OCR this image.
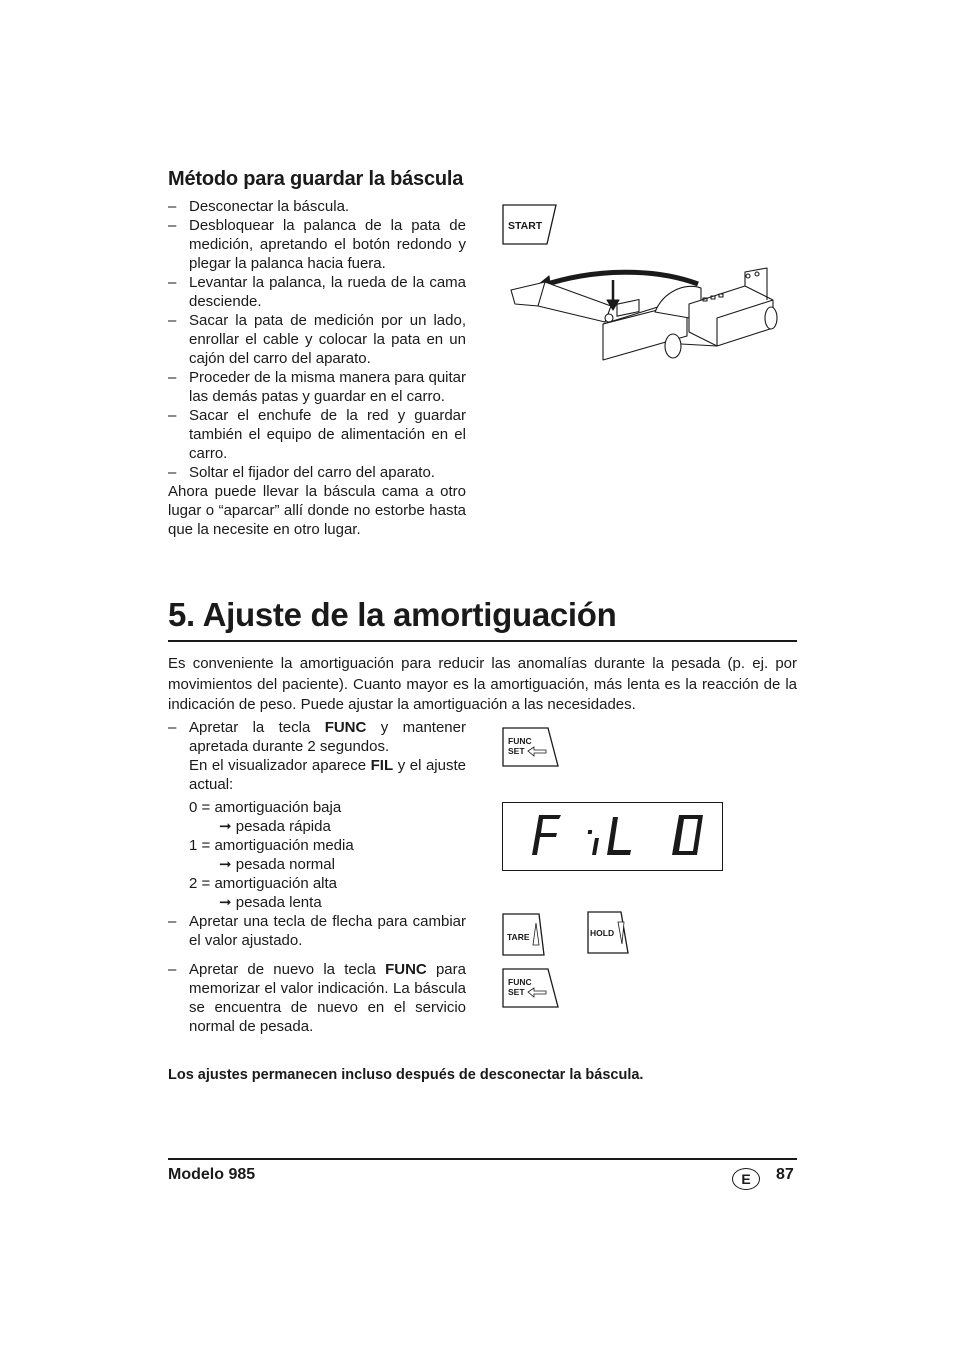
Método para guardar la báscula
– Desconectar la báscula.
– Desbloquear la palanca de la pata de medición, apretando el botón redondo y plegar la palanca hacia fuera.
– Levantar la palanca, la rueda de la cama desciende.
– Sacar la pata de medición por un lado, enrollar el cable y colocar la pata en un cajón del carro del aparato.
– Proceder de la misma manera para quitar las demás patas y guardar en el carro.
– Sacar el enchufe de la red y guardar también el equipo de alimentación en el carro.
– Soltar el fijador del carro del aparato.
Ahora puede llevar la báscula cama a otro lugar o “aparcar” allí donde no estorbe hasta que la necesite en otro lugar.
START
5. Ajuste de la amortiguación
Es conveniente la amortiguación para reducir las anomalías durante la pesada (p. ej. por movimientos del paciente). Cuanto mayor es la amortiguación, más lenta es la reacción de la indicación de peso. Puede ajustar la amortiguación a las necesidades.
– Apretar la tecla FUNC y mantener apretada durante 2 segundos.
En el visualizador aparece FIL y el ajuste actual:
0 = amortiguación baja
➞ pesada rápida
1 = amortiguación media
➞ pesada normal
2 = amortiguación alta
➞ pesada lenta
– Apretar una tecla de flecha para cambiar el valor ajustado.
– Apretar de nuevo la tecla FUNC para memorizar el valor indicación. La báscula se encuentra de nuevo en el servicio normal de pesada.
FUNC
SET
TARE	HOLD
FUNC
SET
Los ajustes permanecen incluso después de desconectar la báscula.
Modelo 985	E	87
